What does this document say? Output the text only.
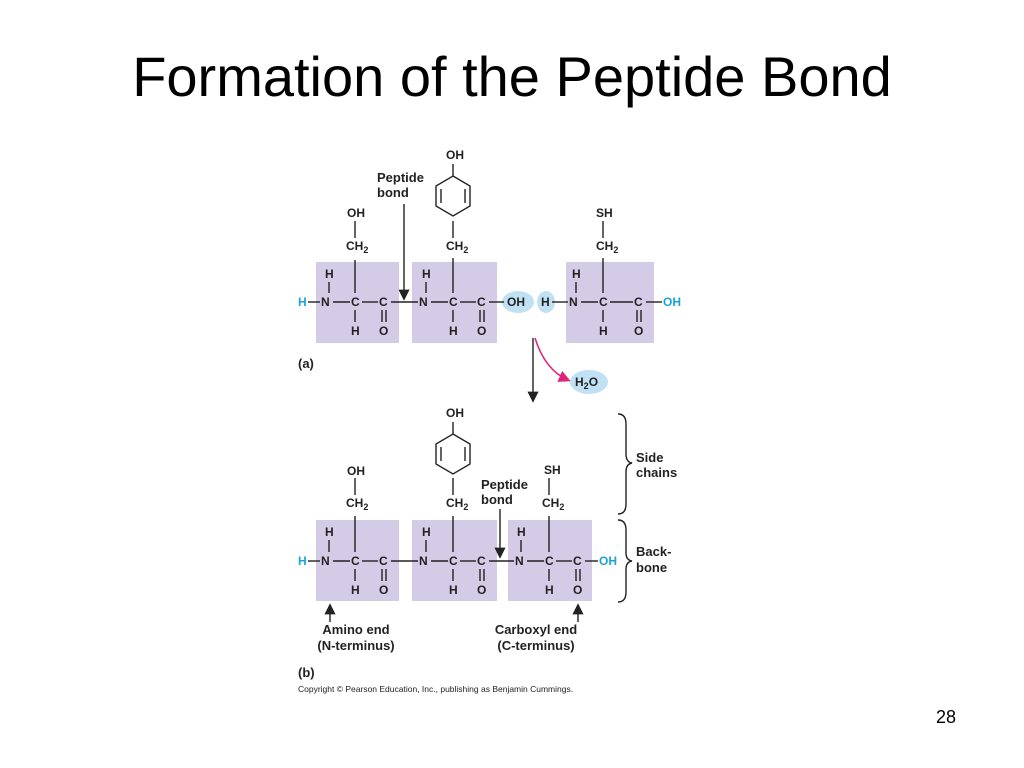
Formation of the Peptide Bond
H N
H
C
H
C
O
$CH_2$
OH
N
H
C
H
C
O
OH
$CH_2$
OH
H N
H
C
H
C
O
OH
$CH_2$
SH
Peptide
bond
$H_2O$
(a)
H N
H
C
H
C
O
$CH_2$
OH
N
H
C
H
C
O
$CH_2$
OH
N
H
C
H
C
O
OH
$CH_2$
SH
Peptide
bond
Side
chains
Back-
bone
Amino end
(N-terminus)
Carboxyl end
(C-terminus)
(b)
Copyright © Pearson Education, Inc., publishing as Benjamin Cummings.
28
